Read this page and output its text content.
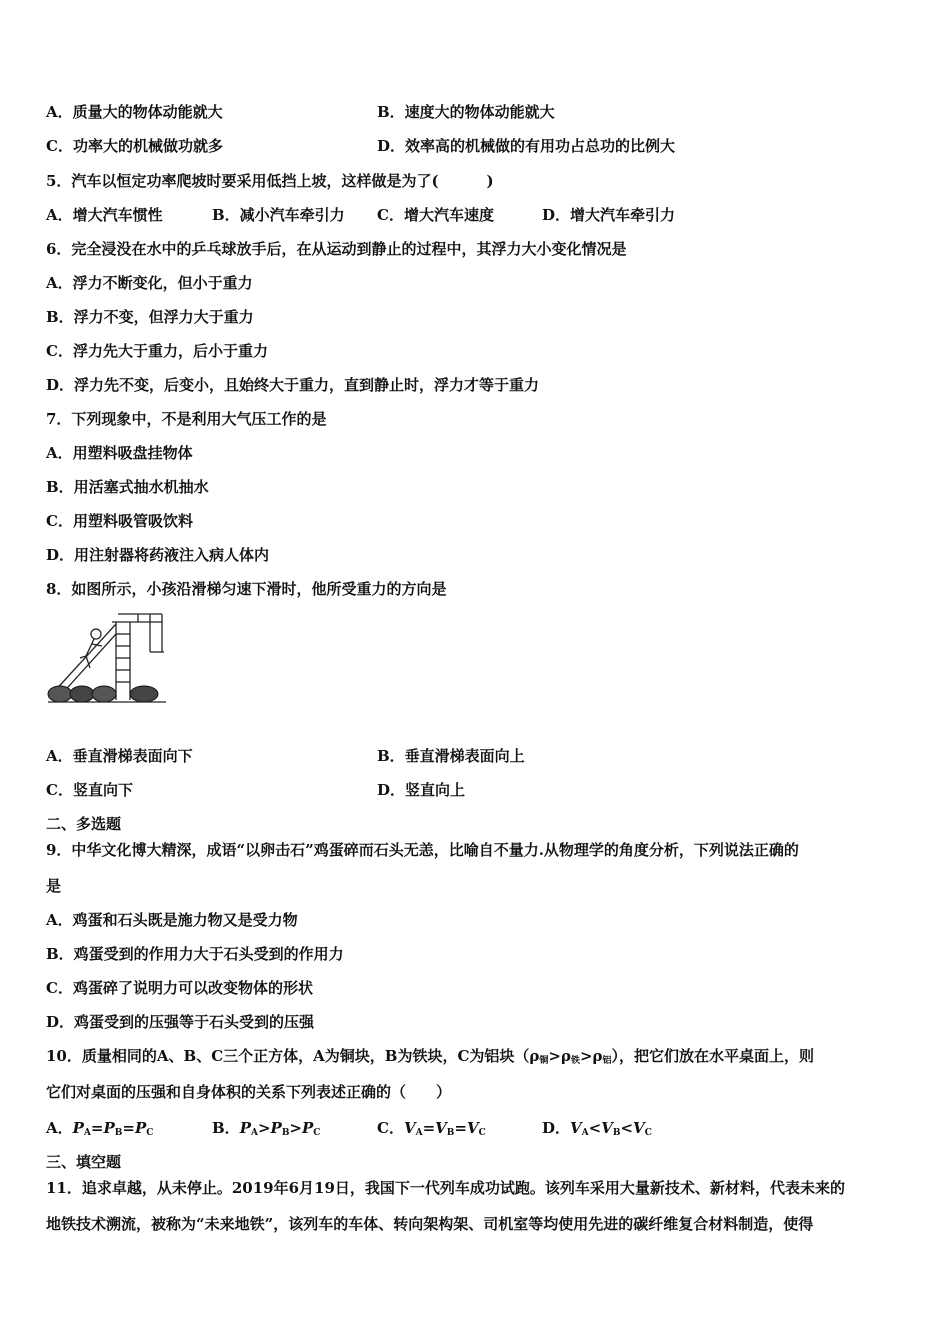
A．质量大的物体动能就大	B．速度大的物体动能就大
C．功率大的机械做功就多	D．效率高的机械做的有用功占总功的比例大
5．汽车以恒定功率爬坡时要采用低挡上坡，这样做是为了(	)
A．增大汽车惯性	B．减小汽车牵引力 C．增大汽车速度	D．增大汽车牵引力
6．完全浸没在水中的乒乓球放手后，在从运动到静止的过程中，其浮力大小变化情况是
A．浮力不断变化，但小于重力
B．浮力不变，但浮力大于重力
C．浮力先大于重力，后小于重力
D．浮力先不变，后变小，且始终大于重力，直到静止时，浮力才等于重力
7．下列现象中，不是利用大气压工作的是
A．用塑料吸盘挂物体
B．用活塞式抽水机抽水
C．用塑料吸管吸饮料
D．用注射器将药液注入病人体内
8．如图所示，小孩沿滑梯匀速下滑时，他所受重力的方向是
A．垂直滑梯表面向下	B．垂直滑梯表面向上
C．竖直向下	D．竖直向上
二、多选题
9．中华文化博大精深，成语“以卵击石”鸡蛋碎而石头无恙，比喻自不量力.从物理学的角度分析，下列说法正确的
是
A．鸡蛋和石头既是施力物又是受力物
B．鸡蛋受到的作用力大于石头受到的作用力
C．鸡蛋碎了说明力可以改变物体的形状
D．鸡蛋受到的压强等于石头受到的压强
10．质量相同的A、B、C三个正方体，A为铜块，B为铁块，C为铝块$(\rho_铜>\rho_铁>\rho_铝)$，把它们放在水平桌面上，则
它们对桌面的压强和自身体积的关系下列表述正确的（　　）
A．$P_A=P_B=P_C$	B．$P_A>P_B>P_C$	C．$V_A=V_B=V_C$	D．$V_A<V_B<V_C$
三、填空题
11．追求卓越，从未停止。2019年6月19日，我国下一代列车成功试跑。该列车采用大量新技术、新材料，代表未来的
地铁技术溯流，被称为“未来地铁”，该列车的车体、转向架构架、司机室等均使用先进的碳纤维复合材料制造，使得
